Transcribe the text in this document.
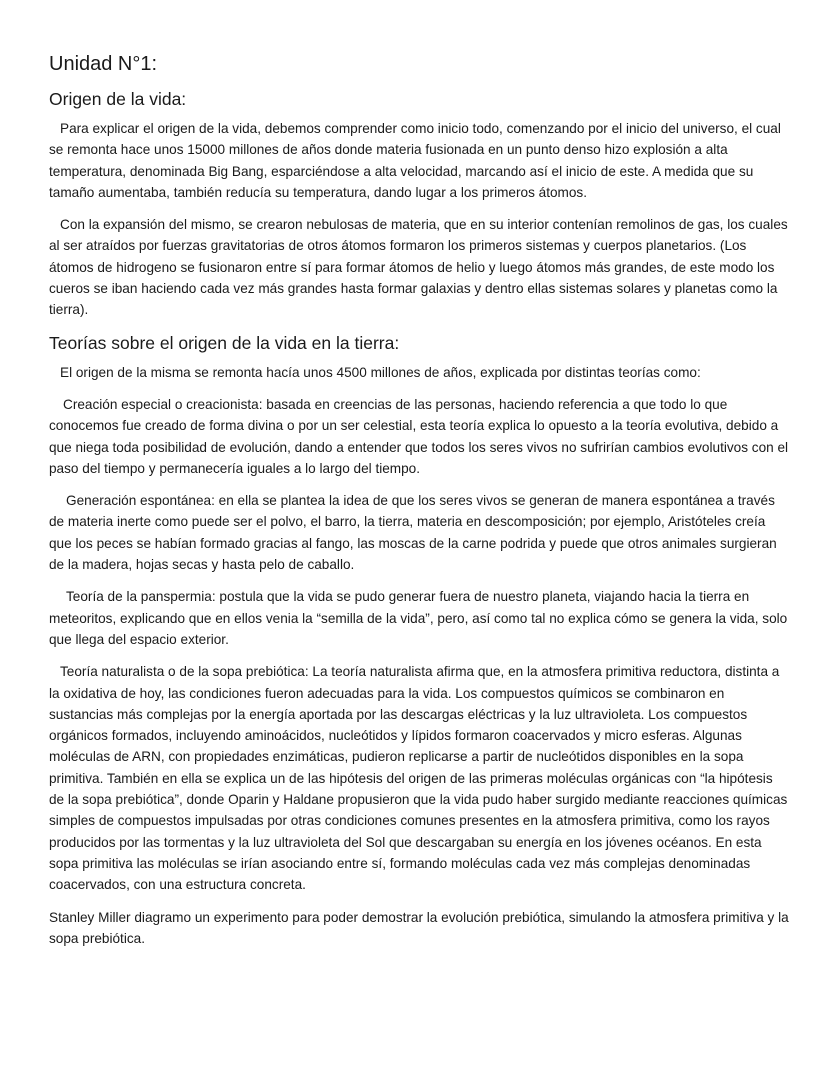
Unidad N°1:
Origen de la vida:

Para explicar el origen de la vida, debemos comprender como inicio todo, comenzando por el inicio del universo, el cual se remonta hace unos 15000 millones de años donde materia fusionada en un punto denso hizo explosión a alta temperatura, denominada Big Bang, esparciéndose a alta velocidad, marcando así el inicio de este. A medida que su tamaño aumentaba, también reducía su temperatura, dando lugar a los primeros átomos.

Con la expansión del mismo, se crearon nebulosas de materia, que en su interior contenían remolinos de gas, los cuales al ser atraídos por fuerzas gravitatorias de otros átomos formaron los primeros sistemas y cuerpos planetarios. (Los átomos de hidrogeno se fusionaron entre sí para formar átomos de helio y luego átomos más grandes, de este modo los cueros se iban haciendo cada vez más grandes hasta formar galaxias y dentro ellas sistemas solares y planetas como la tierra).

Teorías sobre el origen de la vida en la tierra:

El origen de la misma se remonta hacía unos 4500 millones de años, explicada por distintas teorías como:

Creación especial o creacionista: basada en creencias de las personas, haciendo referencia a que todo lo que conocemos fue creado de forma divina o por un ser celestial, esta teoría explica lo opuesto a la teoría evolutiva, debido a que niega toda posibilidad de evolución, dando a entender que todos los seres vivos no sufrirían cambios evolutivos con el paso del tiempo y permanecería iguales a lo largo del tiempo.

Generación espontánea: en ella se plantea la idea de que los seres vivos se generan de manera espontánea a través de materia inerte como puede ser el polvo, el barro, la tierra, materia en descomposición; por ejemplo, Aristóteles creía que los peces se habían formado gracias al fango, las moscas de la carne podrida y puede que otros animales surgieran de la madera, hojas secas y hasta pelo de caballo.

Teoría de la panspermia: postula que la vida se pudo generar fuera de nuestro planeta, viajando hacia la tierra en meteoritos, explicando que en ellos venia la “semilla de la vida”, pero, así como tal no explica cómo se genera la vida, solo que llega del espacio exterior.

Teoría naturalista o de la sopa prebiótica: La teoría naturalista afirma que, en la atmosfera primitiva reductora, distinta a la oxidativa de hoy, las condiciones fueron adecuadas para la vida. Los compuestos químicos se combinaron en sustancias más complejas por la energía aportada por las descargas eléctricas y la luz ultravioleta. Los compuestos orgánicos formados, incluyendo aminoácidos, nucleótidos y lípidos formaron coacervados y micro esferas. Algunas moléculas de ARN, con propiedades enzimáticas, pudieron replicarse a partir de nucleótidos disponibles en la sopa primitiva. También en ella se explica un de las hipótesis del origen de las primeras moléculas orgánicas con “la hipótesis de la sopa prebiótica”, donde Oparin y Haldane propusieron que la vida pudo haber surgido mediante reacciones químicas simples de compuestos impulsadas por otras condiciones comunes presentes en la atmosfera primitiva, como los rayos producidos por las tormentas y la luz ultravioleta del Sol que descargaban su energía en los jóvenes océanos. En esta sopa primitiva las moléculas se irían asociando entre sí, formando moléculas cada vez más complejas denominadas coacervados, con una estructura concreta.

Stanley Miller diagramo un experimento para poder demostrar la evolución prebiótica, simulando la atmosfera primitiva y la sopa prebiótica.
